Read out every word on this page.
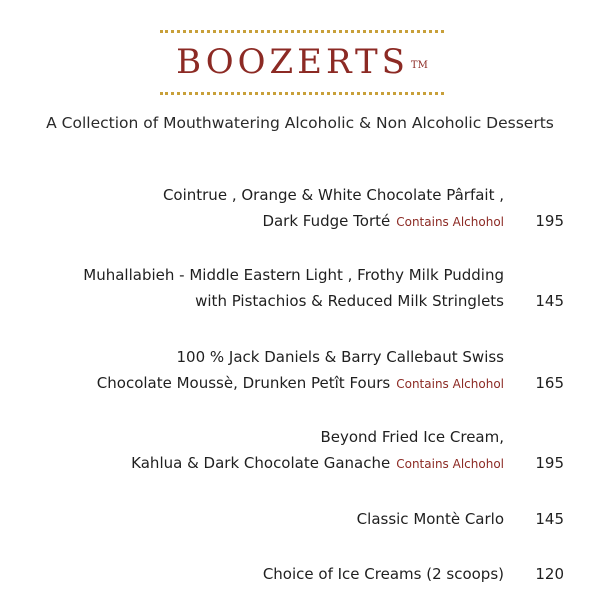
BOOZERTS ™
A Collection of Mouthwatering Alcoholic & Non Alcoholic Desserts
Cointrue , Orange & White Chocolate Pârfait ,
Dark Fudge Torté Contains Alchohol	195
Muhallabieh - Middle Eastern Light , Frothy Milk Pudding
with Pistachios & Reduced Milk Stringlets	145
100 % Jack Daniels & Barry Callebaut Swiss
Chocolate Moussè, Drunken Petît Fours Contains Alchohol	165
Beyond Fried Ice Cream,
Kahlua & Dark Chocolate Ganache Contains Alchohol	195
Classic Montè Carlo	145
Choice of Ice Creams (2 scoops)	120
